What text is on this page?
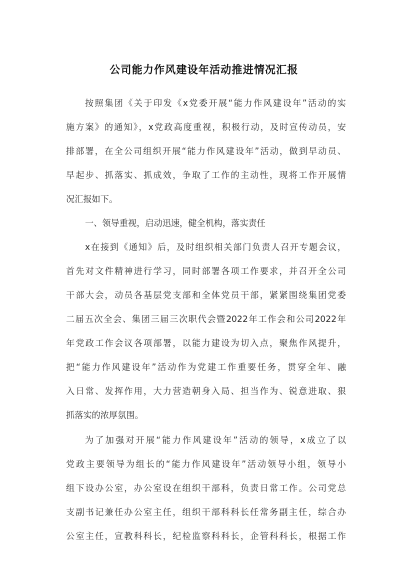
公司能力作风建设年活动推进情况汇报
按照集团《关于印发《x党委开展“能力作风建设年”活动的实
施方案》的通知》，x党政高度重视，积极行动，及时宣传动员，安
排部署，在全公司组织开展“能力作风建设年”活动，做到早动员、
早起步、抓落实、抓成效，争取了工作的主动性，现将工作开展情
况汇报如下。
一、领导重视，启动迅速，健全机构，落实责任
x在接到《通知》后，及时组织相关部门负责人召开专题会议，
首先对文件精神进行学习，同时部署各项工作要求，并召开全公司
干部大会，动员各基层党支部和全体党员干部，紧紧围绕集团党委
二届五次全会、集团三届三次职代会暨2022年工作会和公司2022年
年党政工作会议各项部署，以能力建设为切入点，聚焦作风提升，
把“能力作风建设年”活动作为党建工作重要任务，贯穿全年、融
入日常、发挥作用，大力营造朝身入局、担当作为、锐意进取、狠
抓落实的浓厚氛围。
为了加强对开展“能力作风建设年”活动的领导，x成立了以
党政主要领导为组长的“能力作风建设年”活动领导小组，领导小
组下设办公室，办公室设在组织干部科，负责日常工作。公司党总
支副书记兼任办公室主任，组织干部科科长任常务副主任，综合办
公室主任，宣教科科长，纪检监察科科长，企管科科长，根据工作
